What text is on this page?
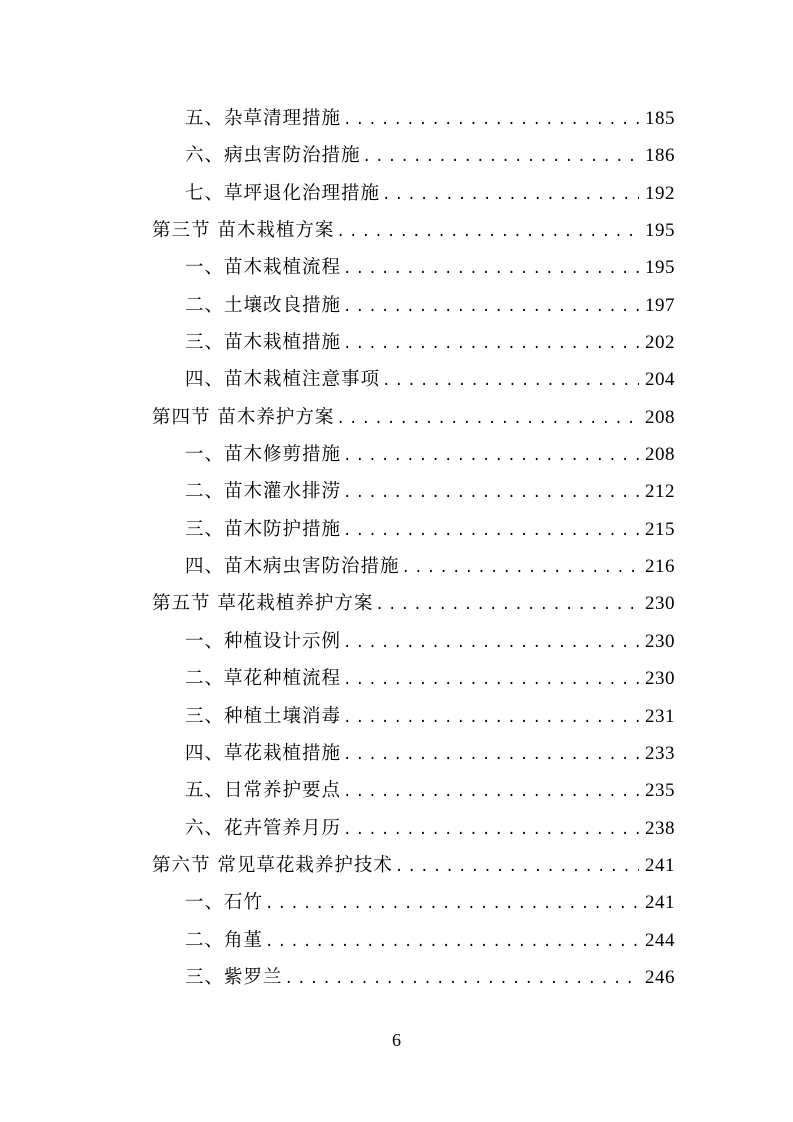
五、杂草清理措施 .....	185
六、病虫害防治措施 .....	186
七、草坪退化治理措施 .....	192
第三节 苗木栽植方案 .....	195
一、苗木栽植流程 .....	195
二、土壤改良措施 .....	197
三、苗木栽植措施 .....	202
四、苗木栽植注意事项 .....	204
第四节 苗木养护方案 .....	208
一、苗木修剪措施 .....	208
二、苗木灌水排涝 .....	212
三、苗木防护措施 .....	215
四、苗木病虫害防治措施 .....	216
第五节 草花栽植养护方案 .....	230
一、种植设计示例 .....	230
二、草花种植流程 .....	230
三、种植土壤消毒 .....	231
四、草花栽植措施 .....	233
五、日常养护要点 .....	235
六、花卉管养月历 .....	238
第六节 常见草花栽养护技术 .....	241
一、石竹 .....	241
二、角堇 .....	244
三、紫罗兰 .....	246
6
